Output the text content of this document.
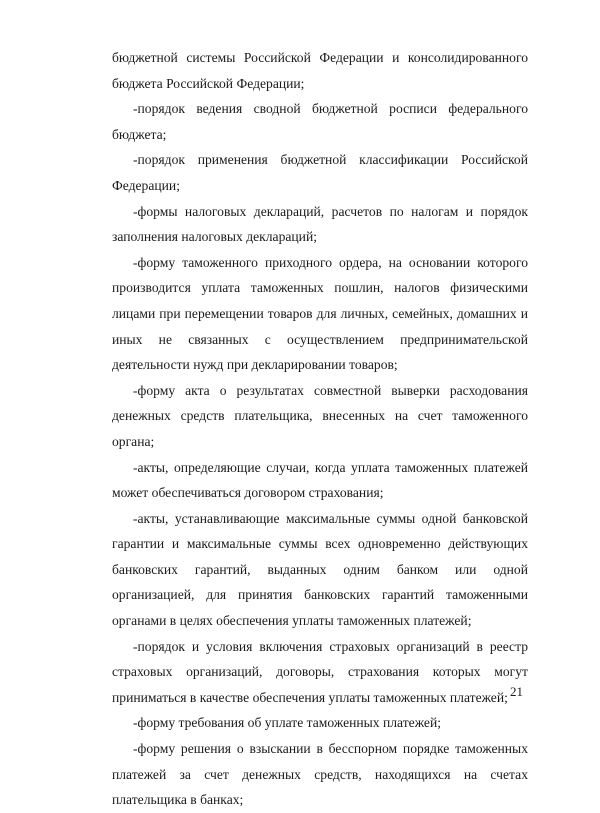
бюджетной системы Российской Федерации и консолидированного бюджета Российской Федерации;

-порядок ведения сводной бюджетной росписи федерального бюджета;

-порядок применения бюджетной классификации Российской Федерации;

-формы налоговых деклараций, расчетов по налогам и порядок заполнения налоговых деклараций;

-форму таможенного приходного ордера, на основании которого производится уплата таможенных пошлин, налогов физическими лицами при перемещении товаров для личных, семейных, домашних и иных не связанных с осуществлением предпринимательской деятельности нужд при декларировании товаров;

-форму акта о результатах совместной выверки расходования денежных средств плательщика, внесенных на счет таможенного органа;

-акты, определяющие случаи, когда уплата таможенных платежей может обеспечиваться договором страхования;

-акты, устанавливающие максимальные суммы одной банковской гарантии и максимальные суммы всех одновременно действующих банковских гарантий, выданных одним банком или одной организацией, для принятия банковских гарантий таможенными органами в целях обеспечения уплаты таможенных платежей;

-порядок и условия включения страховых организаций в реестр страховых организаций, договоры, страхования которых могут приниматься в качестве обеспечения уплаты таможенных платежей;

-форму требования об уплате таможенных платежей;

-форму решения о взыскании в бесспорном порядке таможенных платежей за счет денежных средств, находящихся на счетах плательщика в банках;

21
